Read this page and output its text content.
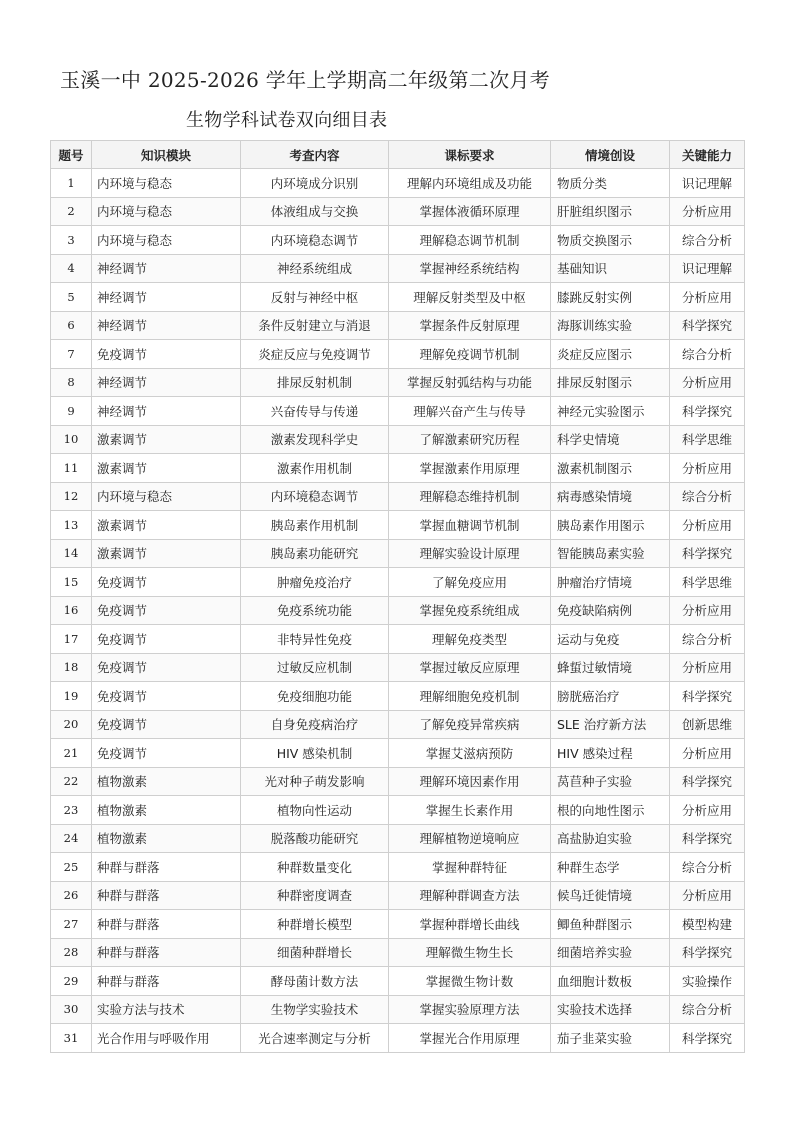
玉溪一中 2025-2026 学年上学期高二年级第二次月考
生物学科试卷双向细目表
题号	知识模块	考查内容	课标要求	情境创设	关键能力
1	内环境与稳态	内环境成分识别	理解内环境组成及功能	物质分类	识记理解
2	内环境与稳态	体液组成与交换	掌握体液循环原理	肝脏组织图示	分析应用
3	内环境与稳态	内环境稳态调节	理解稳态调节机制	物质交换图示	综合分析
4	神经调节	神经系统组成	掌握神经系统结构	基础知识	识记理解
5	神经调节	反射与神经中枢	理解反射类型及中枢	膝跳反射实例	分析应用
6	神经调节	条件反射建立与消退	掌握条件反射原理	海豚训练实验	科学探究
7	免疫调节	炎症反应与免疫调节	理解免疫调节机制	炎症反应图示	综合分析
8	神经调节	排尿反射机制	掌握反射弧结构与功能	排尿反射图示	分析应用
9	神经调节	兴奋传导与传递	理解兴奋产生与传导	神经元实验图示	科学探究
10	激素调节	激素发现科学史	了解激素研究历程	科学史情境	科学思维
11	激素调节	激素作用机制	掌握激素作用原理	激素机制图示	分析应用
12	内环境与稳态	内环境稳态调节	理解稳态维持机制	病毒感染情境	综合分析
13	激素调节	胰岛素作用机制	掌握血糖调节机制	胰岛素作用图示	分析应用
14	激素调节	胰岛素功能研究	理解实验设计原理	智能胰岛素实验	科学探究
15	免疫调节	肿瘤免疫治疗	了解免疫应用	肿瘤治疗情境	科学思维
16	免疫调节	免疫系统功能	掌握免疫系统组成	免疫缺陷病例	分析应用
17	免疫调节	非特异性免疫	理解免疫类型	运动与免疫	综合分析
18	免疫调节	过敏反应机制	掌握过敏反应原理	蜂蜇过敏情境	分析应用
19	免疫调节	免疫细胞功能	理解细胞免疫机制	膀胱癌治疗	科学探究
20	免疫调节	自身免疫病治疗	了解免疫异常疾病	SLE 治疗新方法	创新思维
21	免疫调节	HIV 感染机制	掌握艾滋病预防	HIV 感染过程	分析应用
22	植物激素	光对种子萌发影响	理解环境因素作用	莴苣种子实验	科学探究
23	植物激素	植物向性运动	掌握生长素作用	根的向地性图示	分析应用
24	植物激素	脱落酸功能研究	理解植物逆境响应	高盐胁迫实验	科学探究
25	种群与群落	种群数量变化	掌握种群特征	种群生态学	综合分析
26	种群与群落	种群密度调查	理解种群调查方法	候鸟迁徙情境	分析应用
27	种群与群落	种群增长模型	掌握种群增长曲线	鲫鱼种群图示	模型构建
28	种群与群落	细菌种群增长	理解微生物生长	细菌培养实验	科学探究
29	种群与群落	酵母菌计数方法	掌握微生物计数	血细胞计数板	实验操作
30	实验方法与技术	生物学实验技术	掌握实验原理方法	实验技术选择	综合分析
31	光合作用与呼吸作用	光合速率测定与分析	掌握光合作用原理	茄子韭菜实验	科学探究
